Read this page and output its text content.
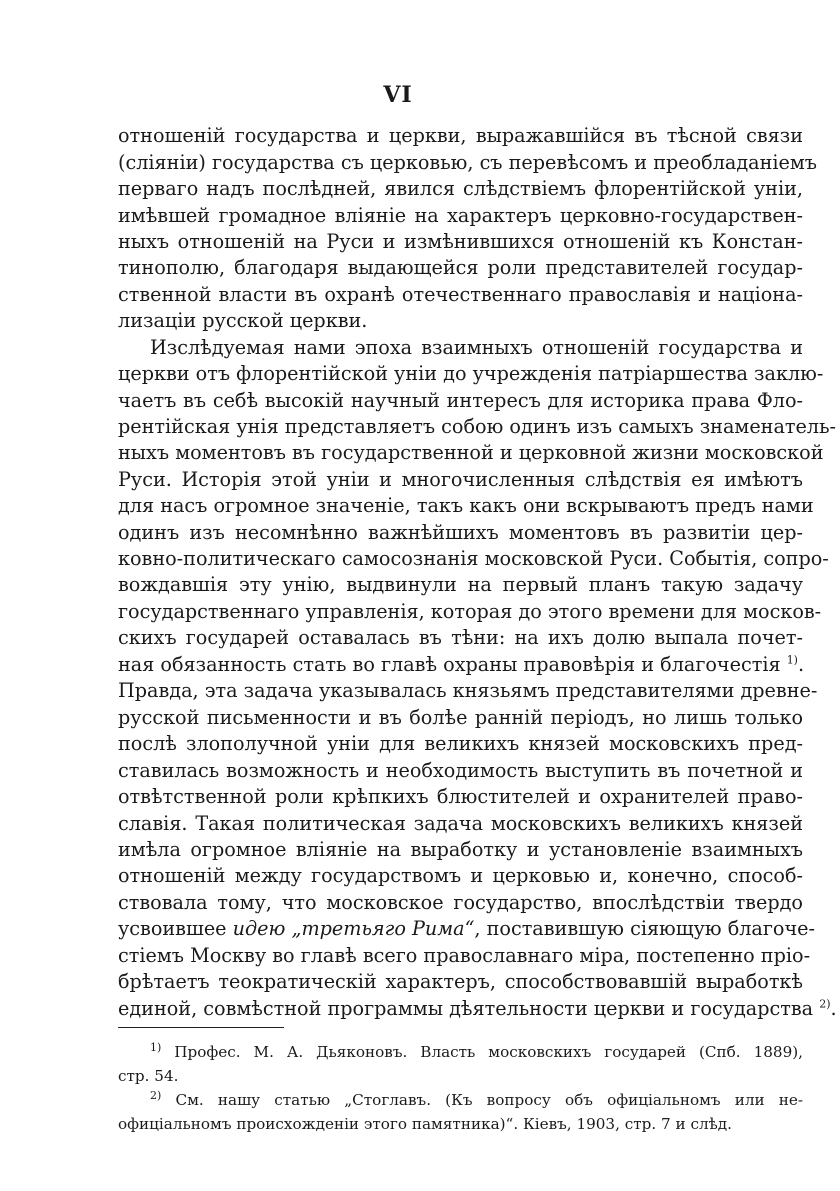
VI
отношеній государства и церкви, выражавшійся въ тѣсной связи
(сліяніи) государства съ церковью, съ перевѣсомъ и преобладаніемъ
перваго надъ послѣдней, явился слѣдствіемъ флорентійской уніи,
имѣвшей громадное вліяніе на характеръ церковно-государствен-
ныхъ отношеній на Руси и измѣнившихся отношеній къ Констан-
тинополю, благодаря выдающейся роли представителей государ-
ственной власти въ охранѣ отечественнаго православія и націона-
лизаціи русской церкви.
Изслѣдуемая нами эпоха взаимныхъ отношеній государства и
церкви отъ флорентійской уніи до учрежденія патріаршества заклю-
чаетъ въ себѣ высокій научный интересъ для историка права Фло-
рентійская унія представляетъ собою одинъ изъ самыхъ знаменатель-
ныхъ моментовъ въ государственной и церковной жизни московской
Руси. Исторія этой уніи и многочисленныя слѣдствія ея имѣютъ
для насъ огромное значеніе, такъ какъ они вскрываютъ предъ нами
одинъ изъ несомнѣнно важнѣйшихъ моментовъ въ развитіи цер-
ковно-политическаго самосознанія московской Руси. Событія, сопро-
вождавшія эту унію, выдвинули на первый планъ такую задачу
государственнаго управленія, которая до этого времени для москов-
скихъ государей оставалась въ тѣни: на ихъ долю выпала почет-
ная обязанность стать во главѣ охраны правовѣрія и благочестія $^{1)}$.
Правда, эта задача указывалась князьямъ представителями древне-
русской письменности и въ болѣе ранній періодъ, но лишь только
послѣ злополучной уніи для великихъ князей московскихъ пред-
ставилась возможность и необходимость выступить въ почетной и
отвѣтственной роли крѣпкихъ блюстителей и охранителей право-
славія. Такая политическая задача московскихъ великихъ князей
имѣла огромное вліяніе на выработку и установленіе взаимныхъ
отношеній между государствомъ и церковью и, конечно, способ-
ствовала тому, что московское государство, впослѣдствіи твердо
усвоившее идею „третьяго Рима“, поставившую сіяющую благоче-
стіемъ Москву во главѣ всего православнаго міра, постепенно пріо-
брѣтаетъ теократическій характеръ, способствовавшій выработкѣ
единой, совмѣстной программы дѣятельности церкви и государства $^{2)}$.
$^{1)}$ Профес. М. А. Дьяконовъ. Власть московскихъ государей (Спб. 1889),
стр. 54.
$^{2)}$ См. нашу статью „Стоглавъ. (Къ вопросу объ офиціальномъ или не-
офиціальномъ происхожденіи этого памятника)“. Кіевъ, 1903, стр. 7 и слѣд.
